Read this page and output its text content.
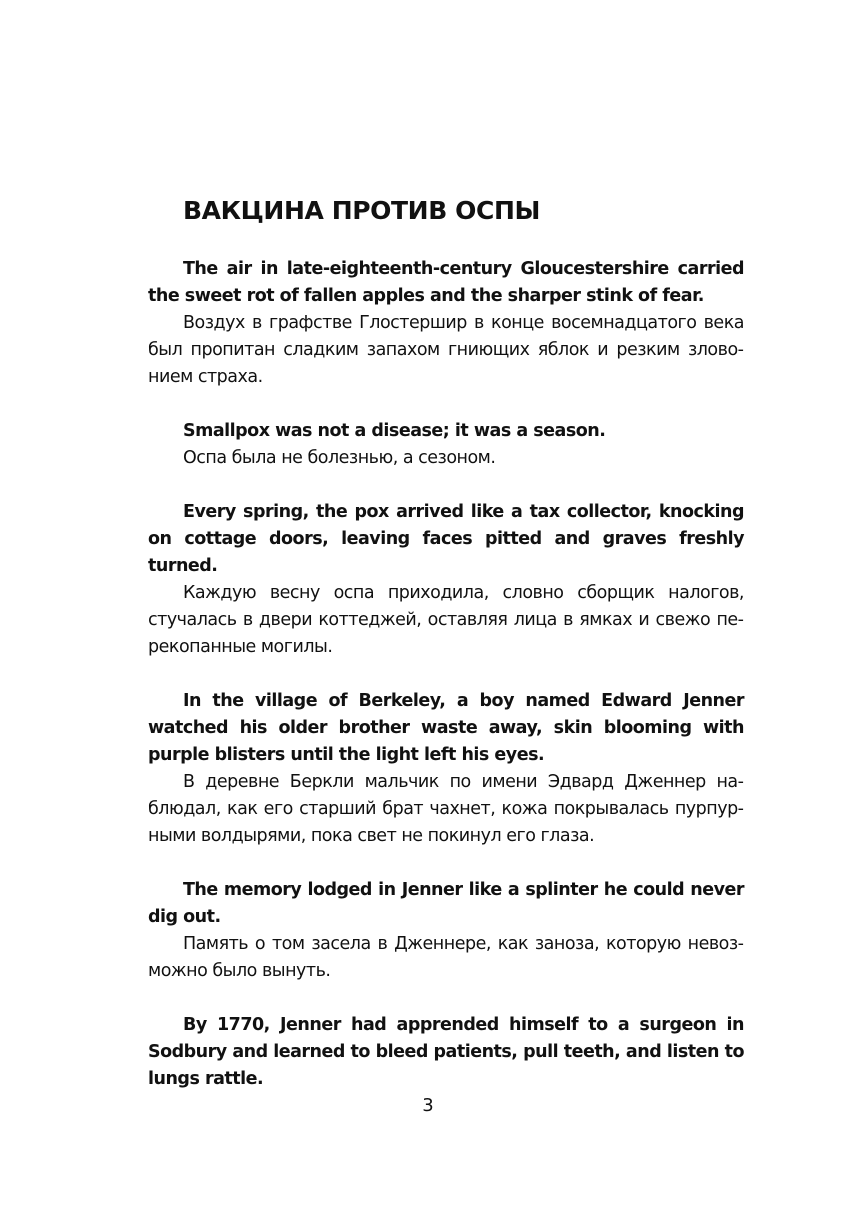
ВАКЦИНА ПРОТИВ ОСПЫ

The air in late-eighteenth-century Gloucestershire carried the sweet rot of fallen apples and the sharper stink of fear.

Воздух в графстве Глостершир в конце восемнадцатого века был пропитан сладким запахом гниющих яблок и резким зловонием страха.

Smallpox was not a disease; it was a season.

Оспа была не болезнью, а сезоном.

Every spring, the pox arrived like a tax collector, knocking on cottage doors, leaving faces pitted and graves freshly turned.

Каждую весну оспа приходила, словно сборщик налогов, стучалась в двери коттеджей, оставляя лица в ямках и свежо перекопанные могилы.

In the village of Berkeley, a boy named Edward Jenner watched his older brother waste away, skin blooming with purple blisters until the light left his eyes.

В деревне Беркли мальчик по имени Эдвард Дженнер наблюдал, как его старший брат чахнет, кожа покрывалась пурпурными волдырями, пока свет не покинул его глаза.

The memory lodged in Jenner like a splinter he could never dig out.

Память о том засела в Дженнере, как заноза, которую невозможно было вынуть.

By 1770, Jenner had apprended himself to a surgeon in Sodbury and learned to bleed patients, pull teeth, and listen to lungs rattle.

3
